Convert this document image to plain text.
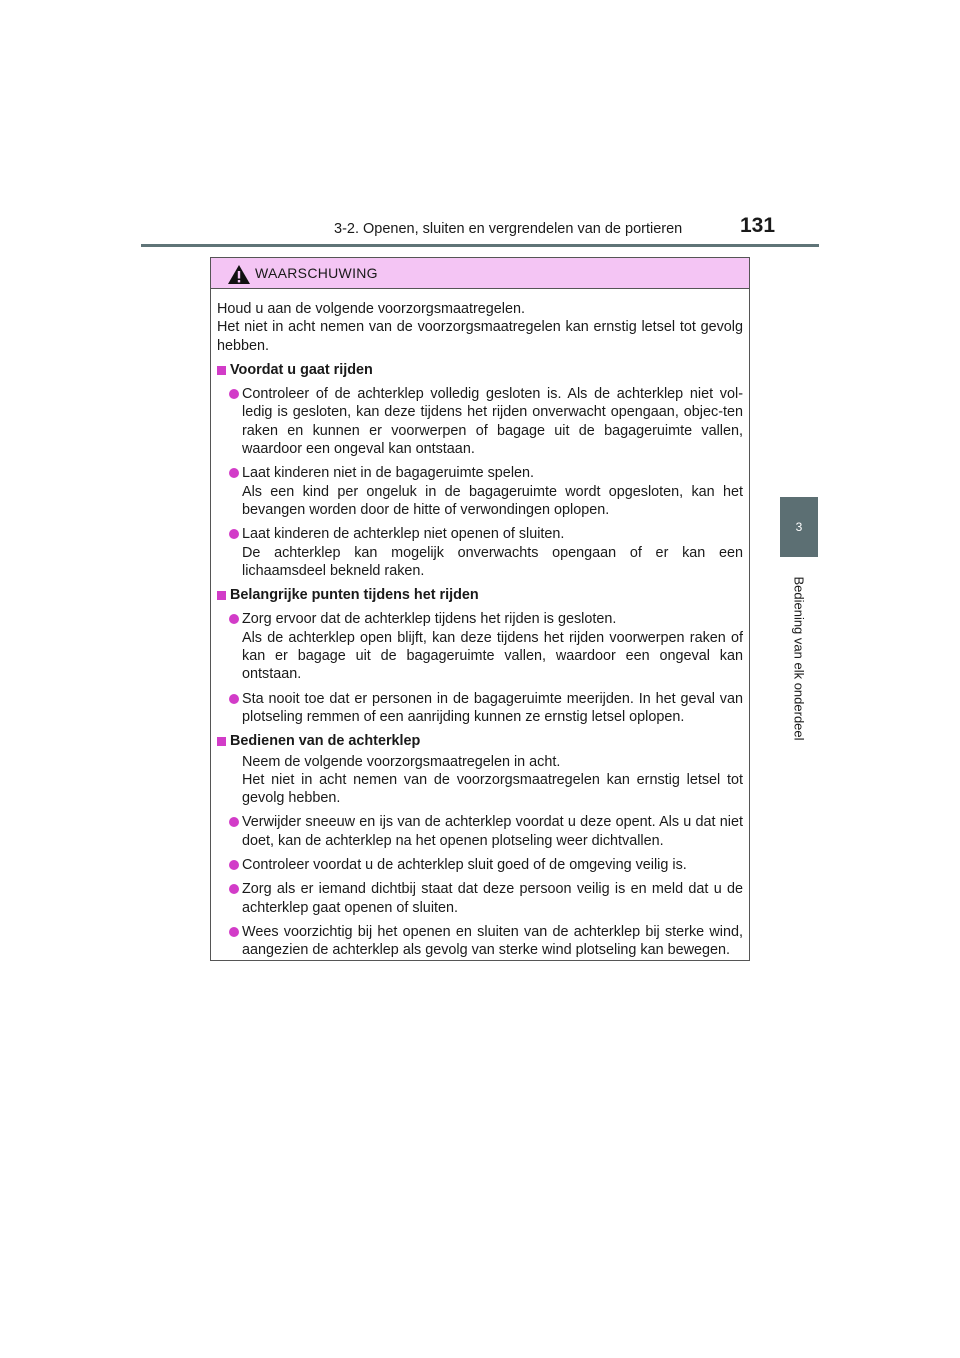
3-2. Openen, sluiten en vergrendelen van de portieren	131
3
Bediening van elk onderdeel
WAARSCHUWING

Houd u aan de volgende voorzorgsmaatregelen.

Het niet in acht nemen van de voorzorgsmaatregelen kan ernstig letsel tot gevolg hebben.

Voordat u gaat rijden
Controleer of de achterklep volledig gesloten is. Als de achterklep niet vol-ledig is gesloten, kan deze tijdens het rijden onverwacht opengaan, objec-ten raken en kunnen er voorwerpen of bagage uit de bagageruimte vallen, waardoor een ongeval kan ontstaan.
Laat kinderen niet in de bagageruimte spelen.
Als een kind per ongeluk in de bagageruimte wordt opgesloten, kan het bevangen worden door de hitte of verwondingen oplopen.
Laat kinderen de achterklep niet openen of sluiten.
De achterklep kan mogelijk onverwachts opengaan of er kan een lichaamsdeel bekneld raken.
Belangrijke punten tijdens het rijden
Zorg ervoor dat de achterklep tijdens het rijden is gesloten.
Als de achterklep open blijft, kan deze tijdens het rijden voorwerpen raken of kan er bagage uit de bagageruimte vallen, waardoor een ongeval kan ontstaan.
Sta nooit toe dat er personen in de bagageruimte meerijden. In het geval van plotseling remmen of een aanrijding kunnen ze ernstig letsel oplopen.
Bedienen van de achterklep

Neem de volgende voorzorgsmaatregelen in acht.

Het niet in acht nemen van de voorzorgsmaatregelen kan ernstig letsel tot gevolg hebben.

Verwijder sneeuw en ijs van de achterklep voordat u deze opent. Als u dat niet doet, kan de achterklep na het openen plotseling weer dichtvallen.
Controleer voordat u de achterklep sluit goed of de omgeving veilig is.
Zorg als er iemand dichtbij staat dat deze persoon veilig is en meld dat u de achterklep gaat openen of sluiten.
Wees voorzichtig bij het openen en sluiten van de achterklep bij sterke wind, aangezien de achterklep als gevolg van sterke wind plotseling kan bewegen.
